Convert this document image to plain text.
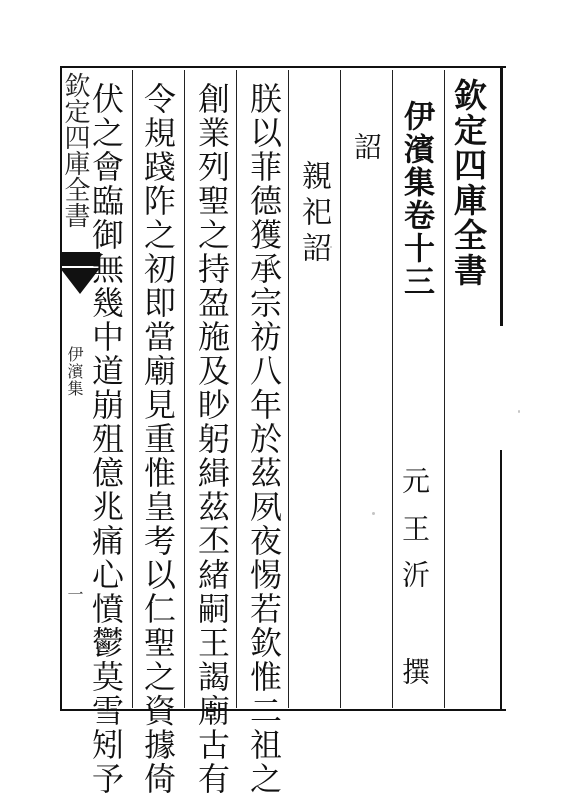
欽定四庫全書
伊濱集卷十三
元
王沂 撰
詔
親祀詔
朕以菲德獲承宗祊八年於茲夙夜惕若欽惟二祖之
創業列聖之持盈施及眇躬緝茲丕緒嗣王謁廟古有
令規踐阼之初即當廟見重惟皇考以仁聖之資據倚
伏之會臨御無幾中道崩殂億兆痛心憤鬱莫雪矧予
欽定四庫全書
伊濱集
一
